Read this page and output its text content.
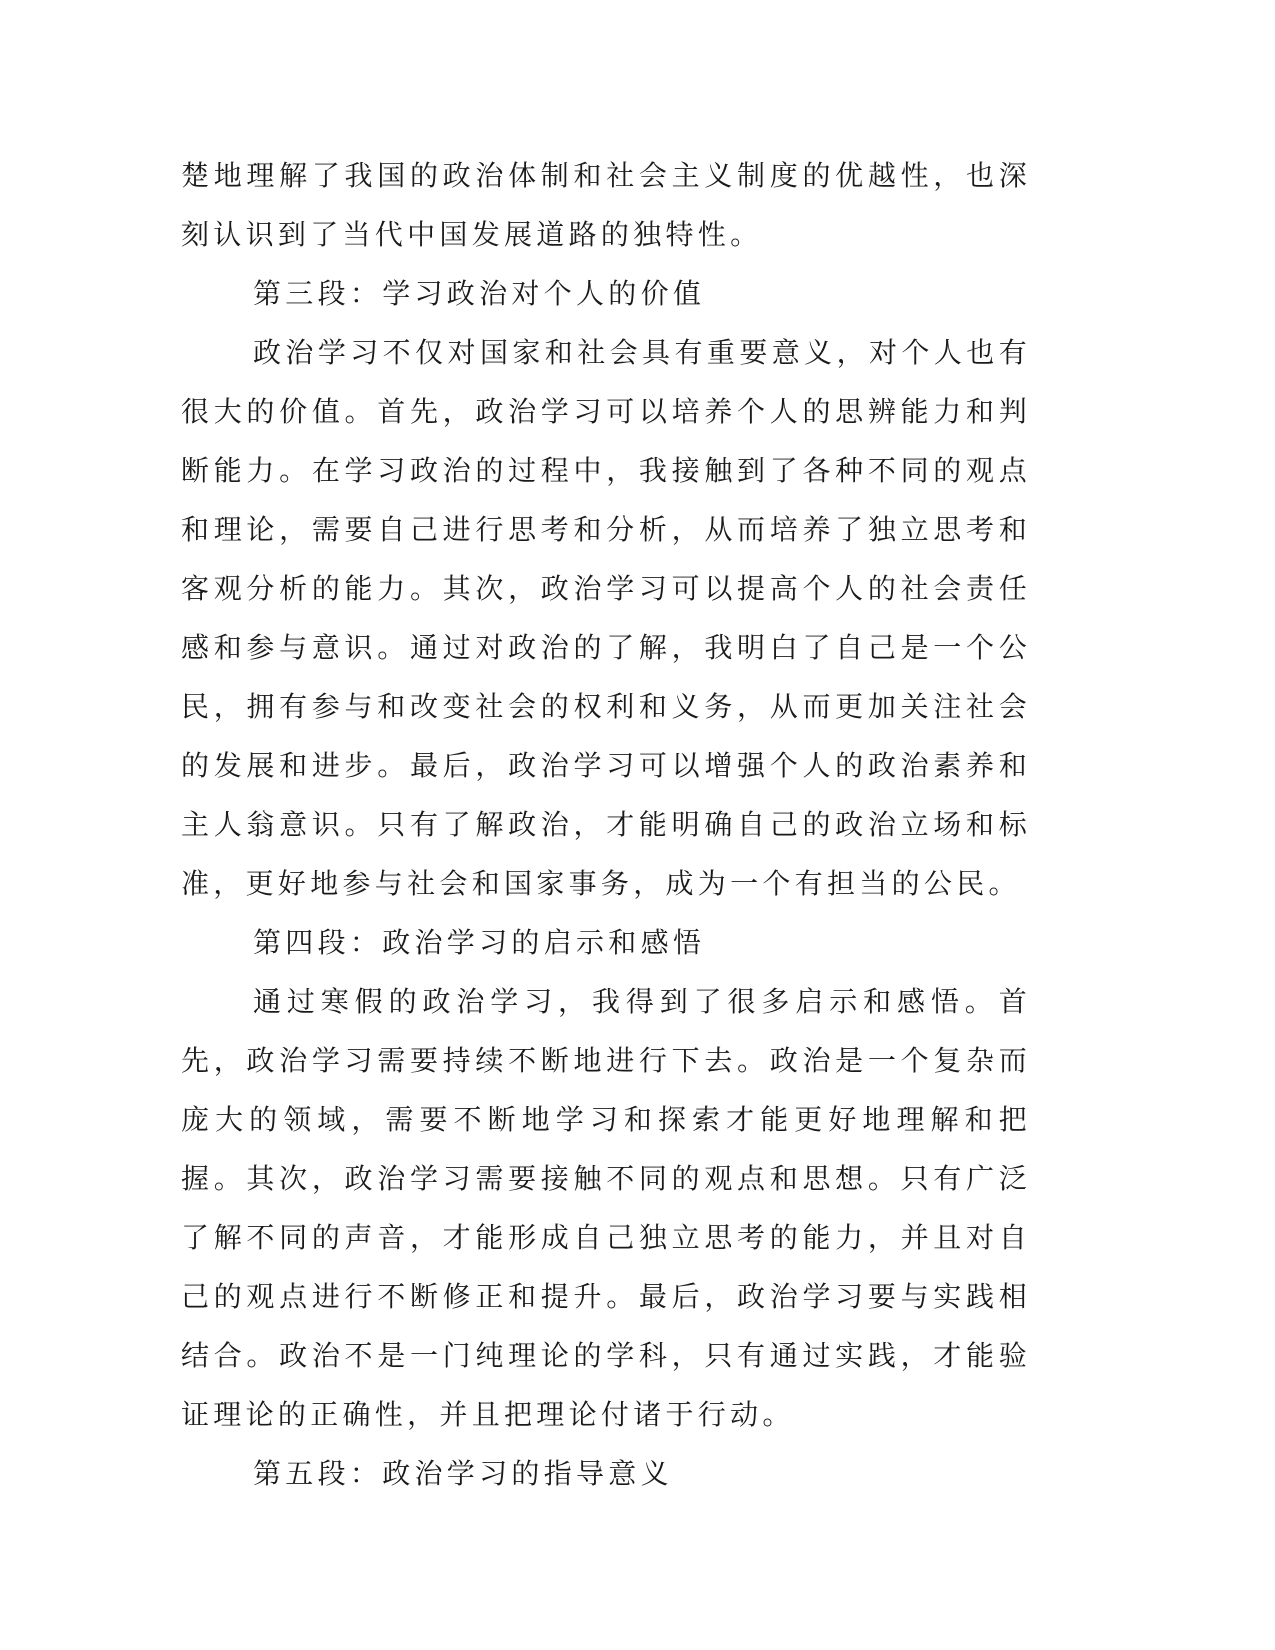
楚地理解了我国的政治体制和社会主义制度的优越性，也深刻认识到了当代中国发展道路的独特性。

第三段：学习政治对个人的价值

政治学习不仅对国家和社会具有重要意义，对个人也有很大的价值。首先，政治学习可以培养个人的思辨能力和判断能力。在学习政治的过程中，我接触到了各种不同的观点和理论，需要自己进行思考和分析，从而培养了独立思考和客观分析的能力。其次，政治学习可以提高个人的社会责任感和参与意识。通过对政治的了解，我明白了自己是一个公民，拥有参与和改变社会的权利和义务，从而更加关注社会的发展和进步。最后，政治学习可以增强个人的政治素养和主人翁意识。只有了解政治，才能明确自己的政治立场和标准，更好地参与社会和国家事务，成为一个有担当的公民。

第四段：政治学习的启示和感悟

通过寒假的政治学习，我得到了很多启示和感悟。首先，政治学习需要持续不断地进行下去。政治是一个复杂而庞大的领域，需要不断地学习和探索才能更好地理解和把握。其次，政治学习需要接触不同的观点和思想。只有广泛了解不同的声音，才能形成自己独立思考的能力，并且对自己的观点进行不断修正和提升。最后，政治学习要与实践相结合。政治不是一门纯理论的学科，只有通过实践，才能验证理论的正确性，并且把理论付诸于行动。

第五段：政治学习的指导意义
